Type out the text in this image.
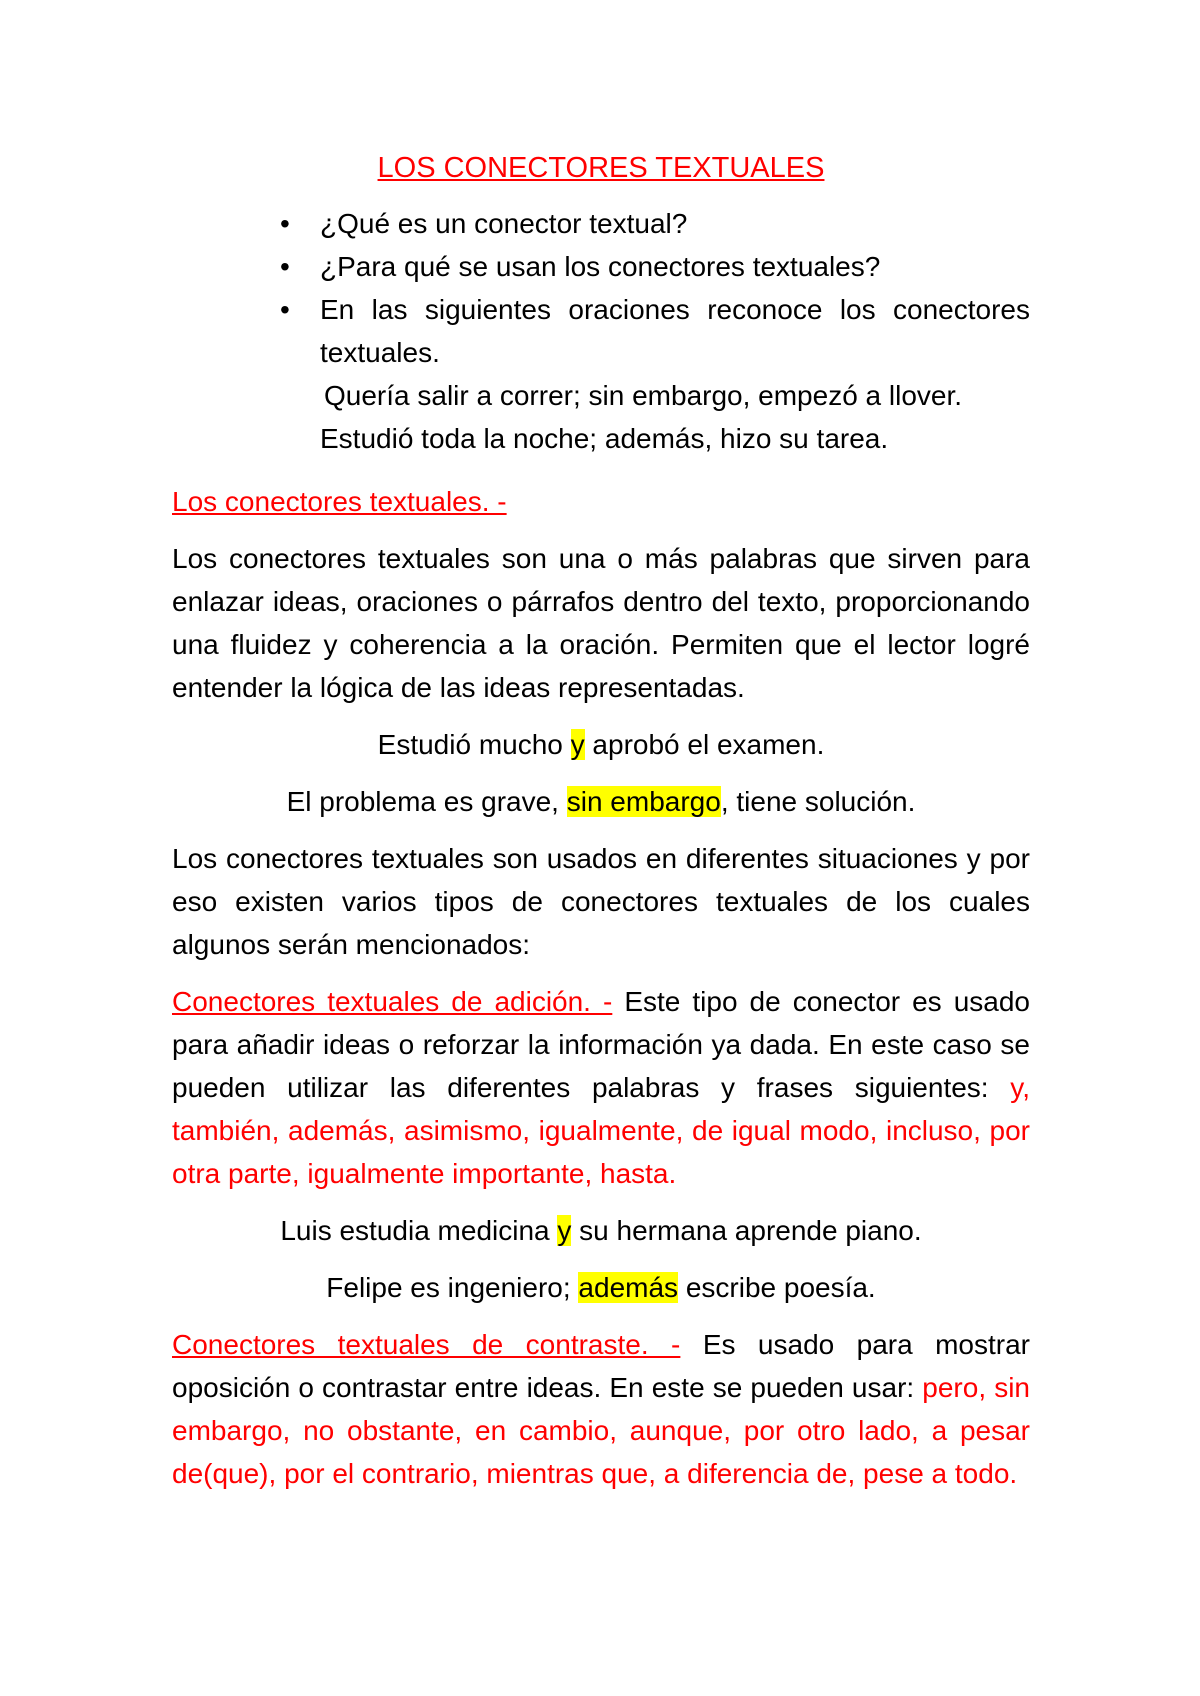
LOS CONECTORES TEXTUALES
• ¿Qué es un conector textual?
• ¿Para qué se usan los conectores textuales?
• En las siguientes oraciones reconoce los conectores textuales.
Quería salir a correr; sin embargo, empezó a llover.
Estudió toda la noche; además, hizo su tarea.

Los conectores textuales. -

Los conectores textuales son una o más palabras que sirven para enlazar ideas, oraciones o párrafos dentro del texto, proporcionando una fluidez y coherencia a la oración. Permiten que el lector logré entender la lógica de las ideas representadas.

Estudió mucho y aprobó el examen.

El problema es grave, sin embargo, tiene solución.

Los conectores textuales son usados en diferentes situaciones y por eso existen varios tipos de conectores textuales de los cuales algunos serán mencionados:

Conectores textuales de adición. - Este tipo de conector es usado para añadir ideas o reforzar la información ya dada. En este caso se pueden utilizar las diferentes palabras y frases siguientes: y, también, además, asimismo, igualmente, de igual modo, incluso, por otra parte, igualmente importante, hasta.

Luis estudia medicina y su hermana aprende piano.

Felipe es ingeniero; además escribe poesía.

Conectores textuales de contraste. - Es usado para mostrar oposición o contrastar entre ideas. En este se pueden usar: pero, sin embargo, no obstante, en cambio, aunque, por otro lado, a pesar de(que), por el contrario, mientras que, a diferencia de, pese a todo.
